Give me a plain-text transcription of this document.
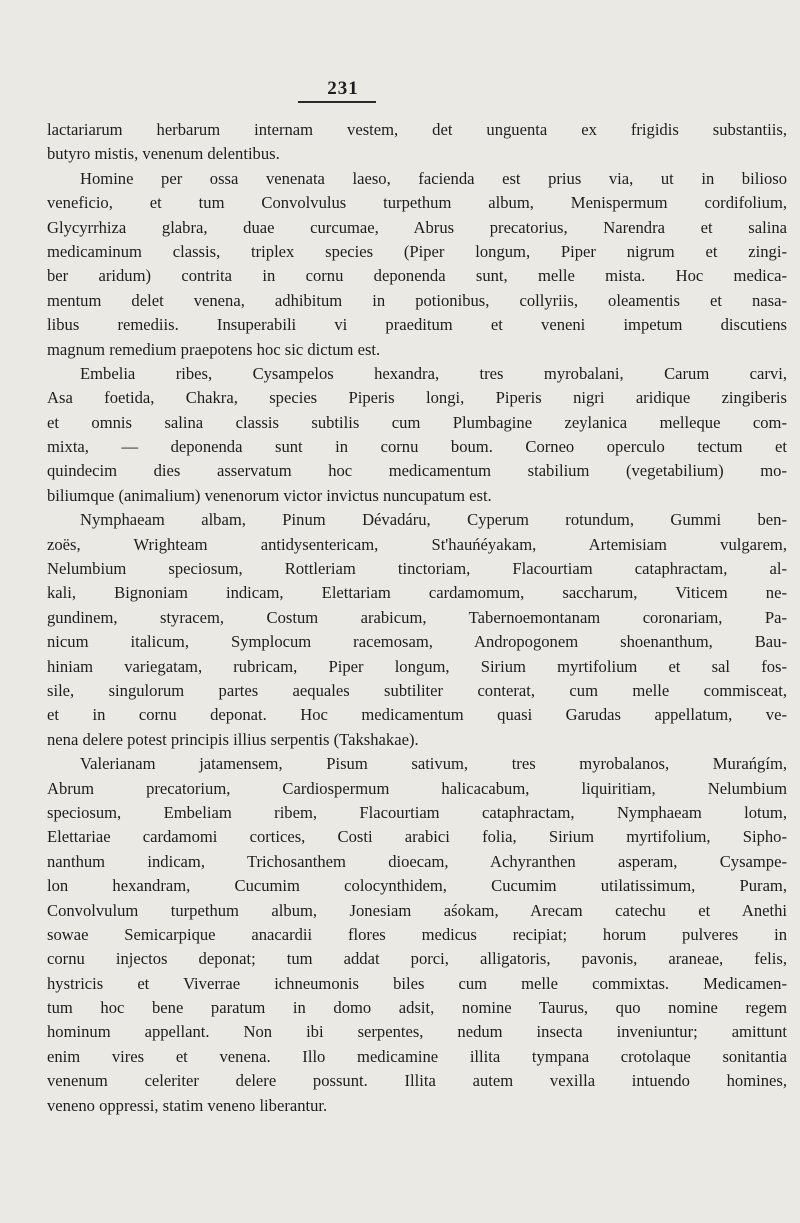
231
lactariarum herbarum internam vestem, det unguenta ex frigidis substantiis,
butyro mistis, venenum delentibus.
Homine per ossa venenata laeso, facienda est prius via, ut in bilioso
veneficio, et tum Convolvulus turpethum album, Menispermum cordifolium,
Glycyrrhiza glabra, duae curcumae, Abrus precatorius, Narendra et salina
medicaminum classis, triplex species (Piper longum, Piper nigrum et zingi-
ber aridum) contrita in cornu deponenda sunt, melle mista. Hoc medica-
mentum delet venena, adhibitum in potionibus, collyriis, oleamentis et nasa-
libus remediis. Insuperabili vi praeditum et veneni impetum discutiens
magnum remedium praepotens hoc sic dictum est.
Embelia ribes, Cysampelos hexandra, tres myrobalani, Carum carvi,
Asa foetida, Chakra, species Piperis longi, Piperis nigri aridique zingiberis
et omnis salina classis subtilis cum Plumbagine zeylanica melleque com-
mixta, — deponenda sunt in cornu boum. Corneo operculo tectum et
quindecim dies asservatum hoc medicamentum stabilium (vegetabilium) mo-
biliumque (animalium) venenorum victor invictus nuncupatum est.
Nymphaeam albam, Pinum Dévadáru, Cyperum rotundum, Gummi ben-
zoës, Wrighteam antidysentericam, St'hauńéyakam, Artemisiam vulgarem,
Nelumbium speciosum, Rottleriam tinctoriam, Flacourtiam cataphractam, al-
kali, Bignoniam indicam, Elettariam cardamomum, saccharum, Viticem ne-
gundinem, styracem, Costum arabicum, Tabernoemontanam coronariam, Pa-
nicum italicum, Symplocum racemosam, Andropogonem shoenanthum, Bau-
hiniam variegatam, rubricam, Piper longum, Sirium myrtifolium et sal fos-
sile, singulorum partes aequales subtiliter conterat, cum melle commisceat,
et in cornu deponat. Hoc medicamentum quasi Garudas appellatum, ve-
nena delere potest principis illius serpentis (Takshakae).
Valerianam jatamensem, Pisum sativum, tres myrobalanos, Murańgím,
Abrum precatorium, Cardiospermum halicacabum, liquiritiam, Nelumbium
speciosum, Embeliam ribem, Flacourtiam cataphractam, Nymphaeam lotum,
Elettariae cardamomi cortices, Costi arabici folia, Sirium myrtifolium, Sipho-
nanthum indicam, Trichosanthem dioecam, Achyranthen asperam, Cysampe-
lon hexandram, Cucumim colocynthidem, Cucumim utilatissimum, Puram,
Convolvulum turpethum album, Jonesiam aśokam, Arecam catechu et Anethi
sowae Semicarpique anacardii flores medicus recipiat; horum pulveres in
cornu injectos deponat; tum addat porci, alligatoris, pavonis, araneae, felis,
hystricis et Viverrae ichneumonis biles cum melle commixtas. Medicamen-
tum hoc bene paratum in domo adsit, nomine Taurus, quo nomine regem
hominum appellant. Non ibi serpentes, nedum insecta inveniuntur; amittunt
enim vires et venena. Illo medicamine illita tympana crotolaque sonitantia
venenum celeriter delere possunt. Illita autem vexilla intuendo homines,
veneno oppressi, statim veneno liberantur.
